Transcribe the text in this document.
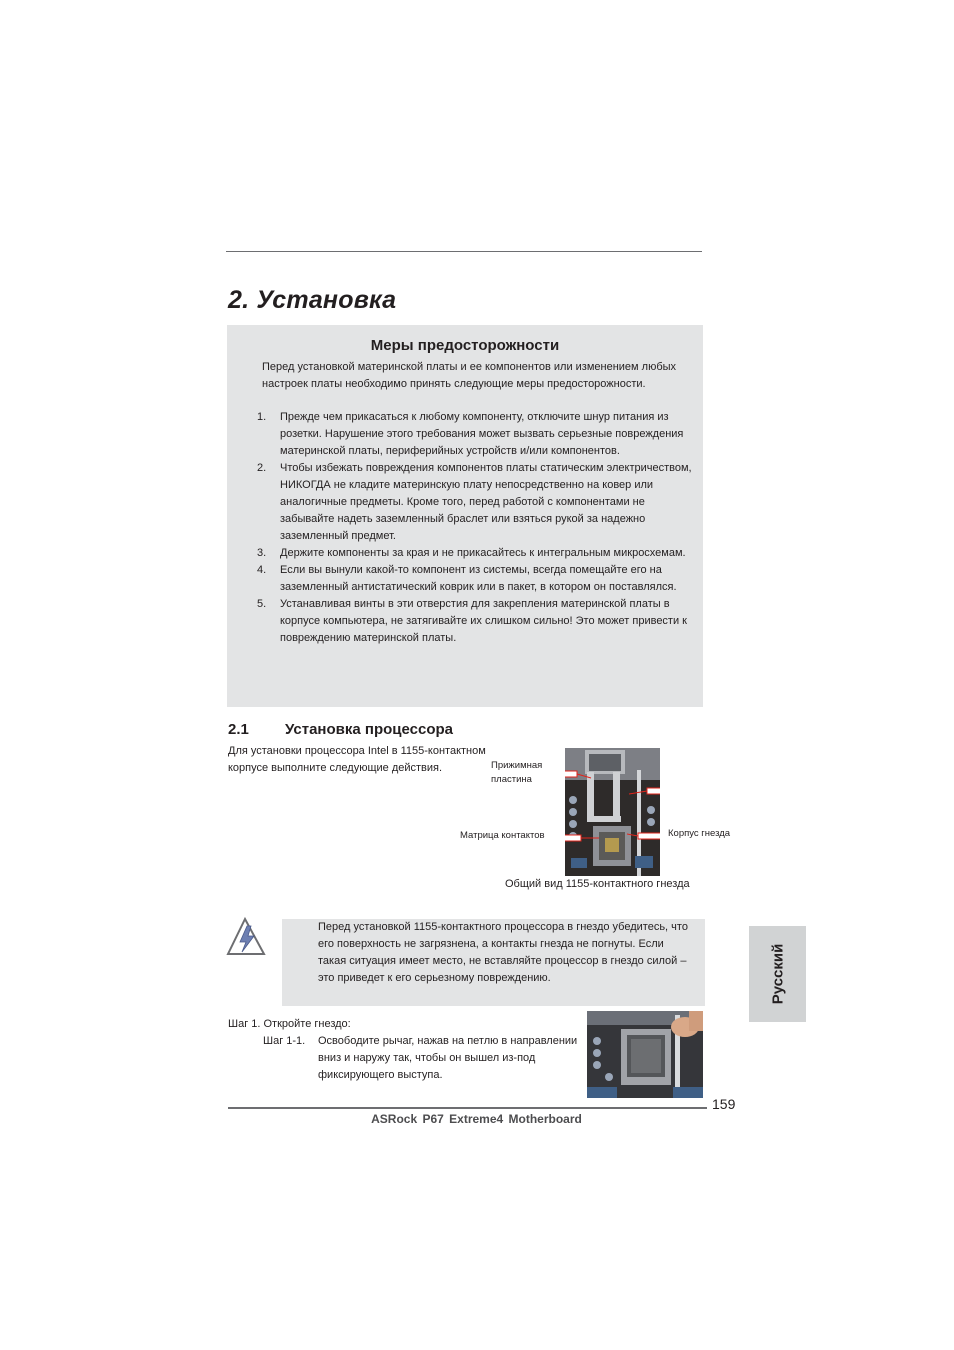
2. Установка
Меры предосторожности
Перед установкой материнской платы и ее компонентов или изменением любых настроек платы необходимо принять следующие меры предосторожности.
1. Прежде чем прикасаться к любому компоненту, отключите шнур питания из розетки. Нарушение этого требования может вызвать серьезные повреждения материнской платы, периферийных устройств и/или компонентов.
2. Чтобы избежать повреждения компонентов платы статическим электричеством, НИКОГДА не кладите материнскую плату непосредственно на ковер или аналогичные предметы. Кроме того, перед работой с компонентами не забывайте надеть заземленный браслет или взяться рукой за надежно заземленный предмет.
3. Держите компоненты за края и не прикасайтесь к интегральным микросхемам.
4. Если вы вынули какой-то компонент из системы, всегда помещайте его на заземленный антистатический коврик или в пакет, в котором он поставлялся.
5. Устанавливая винты в эти отверстия для закрепления материнской платы в корпусе компьютера, не затягивайте их слишком сильно! Это может привести к повреждению материнской платы.
2.1 Установка процессора
Для установки процессора Intel в 1155-контактном корпусе выполните следующие действия.	Прижимная
пластина
Матрица контактов	Корпус гнезда
Общий вид 1155-контактного гнезда
Перед установкой 1155-контактного процессора в гнездо убедитесь, что его поверхность не загрязнена, а контакты гнезда не погнуты. Если такая ситуация имеет место, не вставляйте процессор в гнездо силой – это приведет к его серьезному повреждению.	Русский
Шаг 1. Откройте гнездо:
Шаг 1-1. Освободите рычаг, нажав на петлю в направлении вниз и наружу так, чтобы он вышел из-под фиксирующего выступа.
159
ASRock P67 Extreme4 Motherboard
